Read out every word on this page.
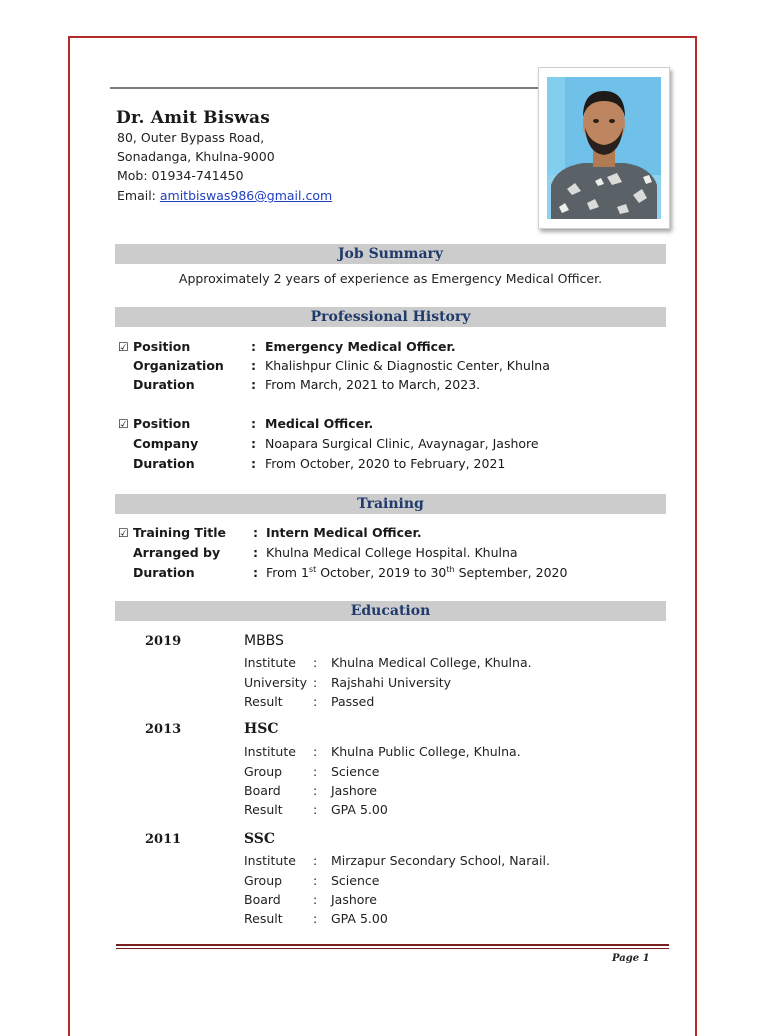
Dr. Amit Biswas
80, Outer Bypass Road,
Sonadanga, Khulna-9000
Mob: 01934-741450
Email: amitbiswas986@gmail.com
Job Summary
Approximately 2 years of experience as Emergency Medical Officer.
Professional History
☑ Position	: Emergency Medical Officer.
Organization : Khalishpur Clinic & Diagnostic Center, Khulna
Duration	: From March, 2021 to March, 2023.
☑ Position	: Medical Officer.
Company	: Noapara Surgical Clinic, Avaynagar, Jashore
Duration	: From October, 2020 to February, 2021
Training
☑ Training Title : Intern Medical Officer.
Arranged by	: Khulna Medical College Hospital. Khulna
Duration	: From 1st October, 2019 to 30th September, 2020
Education
2019	MBBS
Institute : Khulna Medical College, Khulna.
University : Rajshahi University
Result : Passed
2013	HSC
Institute : Khulna Public College, Khulna.
Group : Science
Board	: Jashore
Result : GPA 5.00
2011	SSC
Institute : Mirzapur Secondary School, Narail.
Group : Science
Board	: Jashore
Result : GPA 5.00
Page 1
